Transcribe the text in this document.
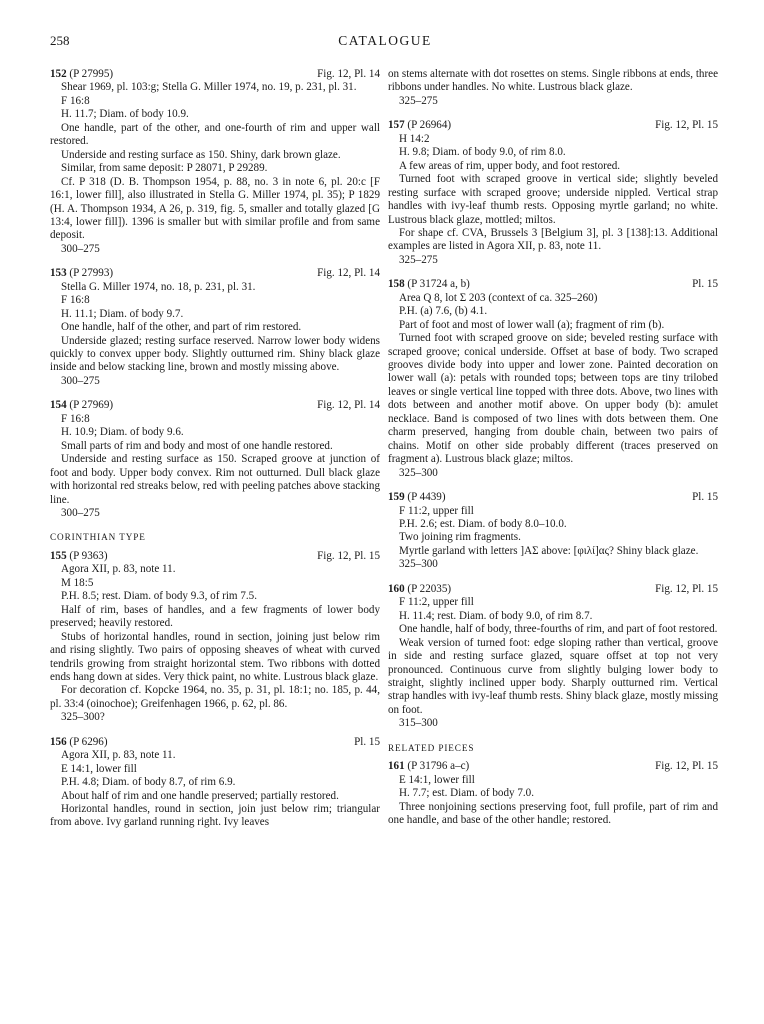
258	CATALOGUE
152 (P 27995)	Fig. 12, Pl. 14
Shear 1969, pl. 103:g; Stella G. Miller 1974, no. 19, p. 231, pl. 31.
F 16:8
H. 11.7; Diam. of body 10.9.

One handle, part of the other, and one-fourth of rim and upper wall restored.

Underside and resting surface as 150. Shiny, dark brown glaze.

Similar, from same deposit: P 28071, P 29289.

Cf. P 318 (D. B. Thompson 1954, p. 88, no. 3 in note 6, pl. 20:c [F 16:1, lower fill], also illustrated in Stella G. Miller 1974, pl. 35); P 1829 (H. A. Thompson 1934, A 26, p. 319, fig. 5, smaller and totally glazed [G 13:4, lower fill]). 1396 is smaller but with similar profile and from same deposit.

300–275
153 (P 27993)	Fig. 12, Pl. 14
Stella G. Miller 1974, no. 18, p. 231, pl. 31.
F 16:8
H. 11.1; Diam. of body 9.7.

One handle, half of the other, and part of rim restored.

Underside glazed; resting surface reserved. Narrow lower body widens quickly to convex upper body. Slightly outturned rim. Shiny black glaze inside and below stacking line, brown and mostly missing above.

300–275
154 (P 27969)	Fig. 12, Pl. 14
F 16:8
H. 10.9; Diam. of body 9.6.

Small parts of rim and body and most of one handle restored.

Underside and resting surface as 150. Scraped groove at junction of foot and body. Upper body convex. Rim not outturned. Dull black glaze with horizontal red streaks below, red with peeling patches above stacking line.

300–275
CORINTHIAN TYPE
155 (P 9363)	Fig. 12, Pl. 15
Agora XII, p. 83, note 11.
M 18:5
P.H. 8.5; rest. Diam. of body 9.3, of rim 7.5.

Half of rim, bases of handles, and a few fragments of lower body preserved; heavily restored.

Stubs of horizontal handles, round in section, joining just below rim and rising slightly. Two pairs of opposing sheaves of wheat with curved tendrils growing from straight horizontal stem. Two ribbons with dotted ends hang down at sides. Very thick paint, no white. Lustrous black glaze.

For decoration cf. Kopcke 1964, no. 35, p. 31, pl. 18:1; no. 185, p. 44, pl. 33:4 (oinochoe); Greifenhagen 1966, p. 62, pl. 86.

325–300?
156 (P 6296)	Pl. 15
Agora XII, p. 83, note 11.
E 14:1, lower fill
P.H. 4.8; Diam. of body 8.7, of rim 6.9.

About half of rim and one handle preserved; partially restored.

Horizontal handles, round in section, join just below rim; triangular from above. Ivy garland running right. Ivy leaves

on stems alternate with dot rosettes on stems. Single ribbons at ends, three ribbons under handles. No white. Lustrous black glaze.

325–275
157 (P 26964)	Fig. 12, Pl. 15
H 14:2
H. 9.8; Diam. of body 9.0, of rim 8.0.

A few areas of rim, upper body, and foot restored.

Turned foot with scraped groove in vertical side; slightly beveled resting surface with scraped groove; underside nippled. Vertical strap handles with ivy-leaf thumb rests. Opposing myrtle garland; no white. Lustrous black glaze, mottled; miltos.

For shape cf. CVA, Brussels 3 [Belgium 3], pl. 3 [138]:13. Additional examples are listed in Agora XII, p. 83, note 11.

325–275
158 (P 31724 a, b)	Pl. 15
Area Q 8, lot Σ 203 (context of ca. 325–260)
P.H. (a) 7.6, (b) 4.1.

Part of foot and most of lower wall (a); fragment of rim (b).

Turned foot with scraped groove on side; beveled resting surface with scraped groove; conical underside. Offset at base of body. Two scraped grooves divide body into upper and lower zone. Painted decoration on lower wall (a): petals with rounded tops; between tops are tiny trilobed leaves or single vertical line topped with three dots. Above, two lines with dots between and another motif above. On upper body (b): amulet necklace. Band is composed of two lines with dots between them. One charm preserved, hanging from double chain, between two pairs of chains. Motif on other side probably different (traces preserved on fragment a). Lustrous black glaze; miltos.

325–300
159 (P 4439)	Pl. 15
F 11:2, upper fill
P.H. 2.6; est. Diam. of body 8.0–10.0.

Two joining rim fragments.

Myrtle garland with letters ]ΑΣ above: [φιλί]ας? Shiny black glaze.

325–300
160 (P 22035)	Fig. 12, Pl. 15
F 11:2, upper fill
H. 11.4; rest. Diam. of body 9.0, of rim 8.7.

One handle, half of body, three-fourths of rim, and part of foot restored.

Weak version of turned foot: edge sloping rather than vertical, groove in side and resting surface glazed, square offset at top not very pronounced. Continuous curve from slightly bulging lower body to straight, slightly inclined upper body. Sharply outturned rim. Vertical strap handles with ivy-leaf thumb rests. Shiny black glaze, mostly missing on foot.

315–300
RELATED PIECES
161 (P 31796 a–c)	Fig. 12, Pl. 15
E 14:1, lower fill
H. 7.7; est. Diam. of body 7.0.

Three nonjoining sections preserving foot, full profile, part of rim and one handle, and base of the other handle; restored.
